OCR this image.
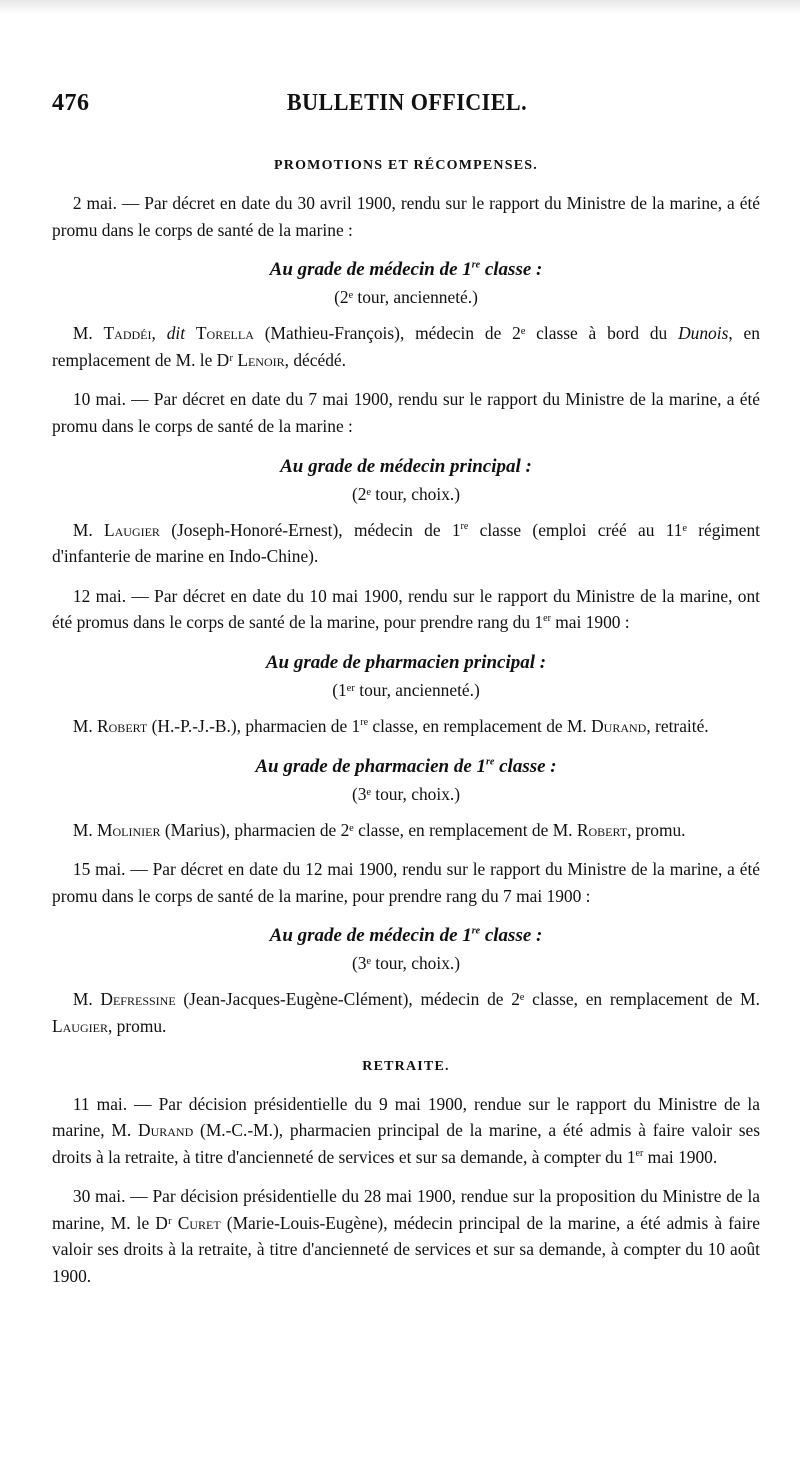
476	BULLETIN OFFICIEL.
PROMOTIONS ET RÉCOMPENSES.

2 mai. — Par décret en date du 30 avril 1900, rendu sur le rapport du Ministre de la marine, a été promu dans le corps de santé de la marine :

Au grade de médecin de 1re classe :

(2ᵉ tour, ancienneté.)

M. Taddéi, dit Torella (Mathieu-François), médecin de 2ᵉ classe à bord du Dunois, en remplacement de M. le Dʳ Lenoir, décédé.

10 mai. — Par décret en date du 7 mai 1900, rendu sur le rapport du Ministre de la marine, a été promu dans le corps de santé de la marine :

Au grade de médecin principal :

(2ᵉ tour, choix.)

M. Laugier (Joseph-Honoré-Ernest), médecin de 1re classe (emploi créé au 11ᵉ régiment d'infanterie de marine en Indo-Chine).

12 mai. — Par décret en date du 10 mai 1900, rendu sur le rapport du Ministre de la marine, ont été promus dans le corps de santé de la marine, pour prendre rang du 1er mai 1900 :

Au grade de pharmacien principal :

(1ᵉʳ tour, ancienneté.)

M. Robert (H.-P.-J.-B.), pharmacien de 1re classe, en remplacement de M. Durand, retraité.

Au grade de pharmacien de 1re classe :

(3ᵉ tour, choix.)

M. Molinier (Marius), pharmacien de 2ᵉ classe, en remplacement de M. Robert, promu.

15 mai. — Par décret en date du 12 mai 1900, rendu sur le rapport du Ministre de la marine, a été promu dans le corps de santé de la marine, pour prendre rang du 7 mai 1900 :

Au grade de médecin de 1re classe :

(3ᵉ tour, choix.)

M. Defressine (Jean-Jacques-Eugène-Clément), médecin de 2ᵉ classe, en remplacement de M. Laugier, promu.

RETRAITE.

11 mai. — Par décision présidentielle du 9 mai 1900, rendue sur le rapport du Ministre de la marine, M. Durand (M.-C.-M.), pharmacien principal de la marine, a été admis à faire valoir ses droits à la retraite, à titre d'ancienneté de services et sur sa demande, à compter du 1er mai 1900.

30 mai. — Par décision présidentielle du 28 mai 1900, rendue sur la proposition du Ministre de la marine, M. le Dʳ Curet (Marie-Louis-Eugène), médecin principal de la marine, a été admis à faire valoir ses droits à la retraite, à titre d'ancienneté de services et sur sa demande, à compter du 10 août 1900.
